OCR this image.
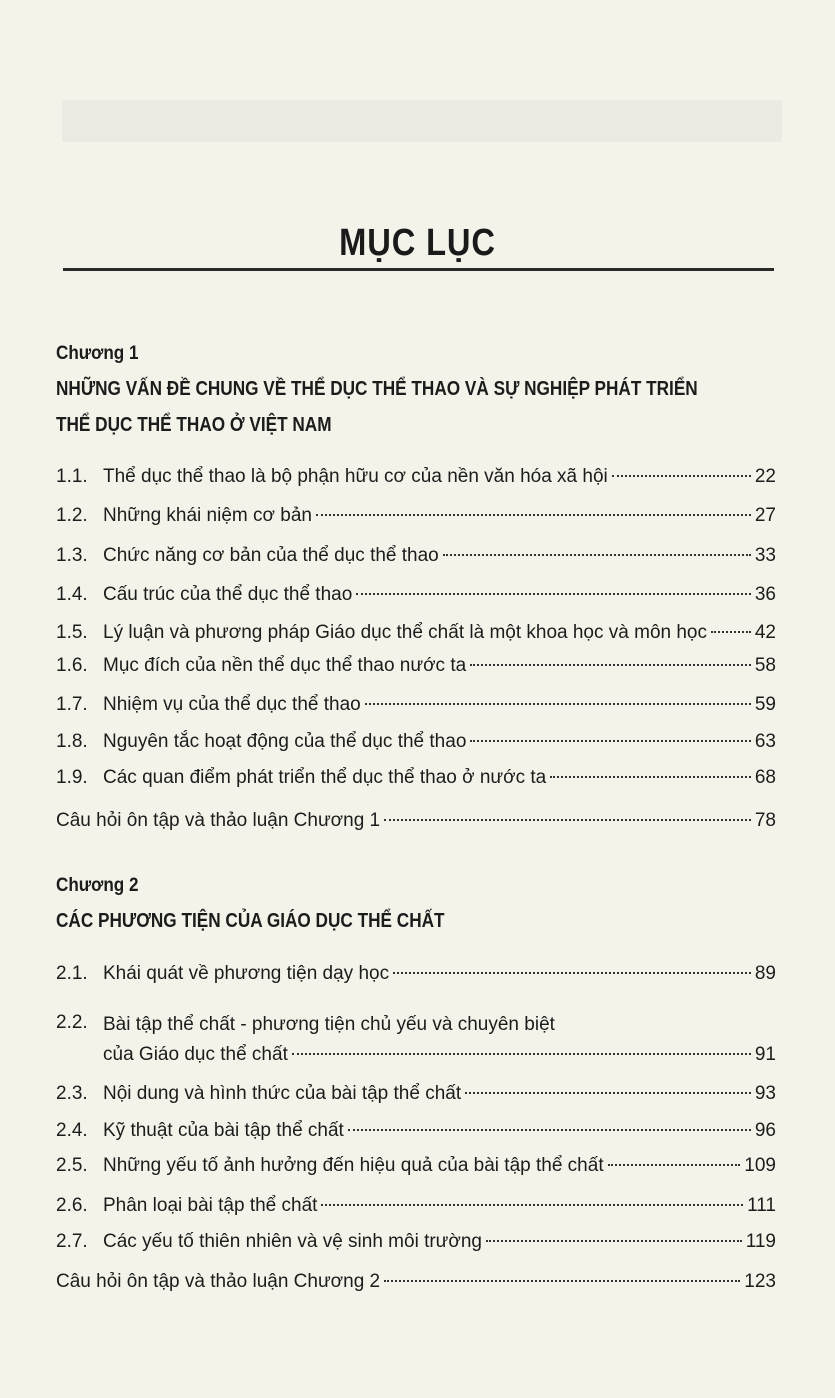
MỤC LỤC
Chương 1
NHỮNG VẤN ĐỀ CHUNG VỀ THỂ DỤC THỂ THAO VÀ SỰ NGHIỆP PHÁT TRIỂN
THỂ DỤC THỂ THAO Ở VIỆT NAM
1.1. Thể dục thể thao là bộ phận hữu cơ của nền văn hóa xã hội	22
1.2. Những khái niệm cơ bản	27
1.3. Chức năng cơ bản của thể dục thể thao	33
1.4. Cấu trúc của thể dục thể thao	36
1.5. Lý luận và phương pháp Giáo dục thể chất là một khoa học và môn học	42
1.6. Mục đích của nền thể dục thể thao nước ta	58
1.7. Nhiệm vụ của thể dục thể thao	59
1.8. Nguyên tắc hoạt động của thể dục thể thao	63
1.9. Các quan điểm phát triển thể dục thể thao ở nước ta	68
Câu hỏi ôn tập và thảo luận Chương 1	78
Chương 2
CÁC PHƯƠNG TIỆN CỦA GIÁO DỤC THỂ CHẤT
2.1. Khái quát về phương tiện dạy học	89
2.2. Bài tập thể chất - phương tiện chủ yếu và chuyên biệt
của Giáo dục thể chất	91
2.3. Nội dung và hình thức của bài tập thể chất	93
2.4. Kỹ thuật của bài tập thể chất	96
2.5. Những yếu tố ảnh hưởng đến hiệu quả của bài tập thể chất	109
2.6. Phân loại bài tập thể chất	111
2.7. Các yếu tố thiên nhiên và vệ sinh môi trường	119
Câu hỏi ôn tập và thảo luận Chương 2	123
